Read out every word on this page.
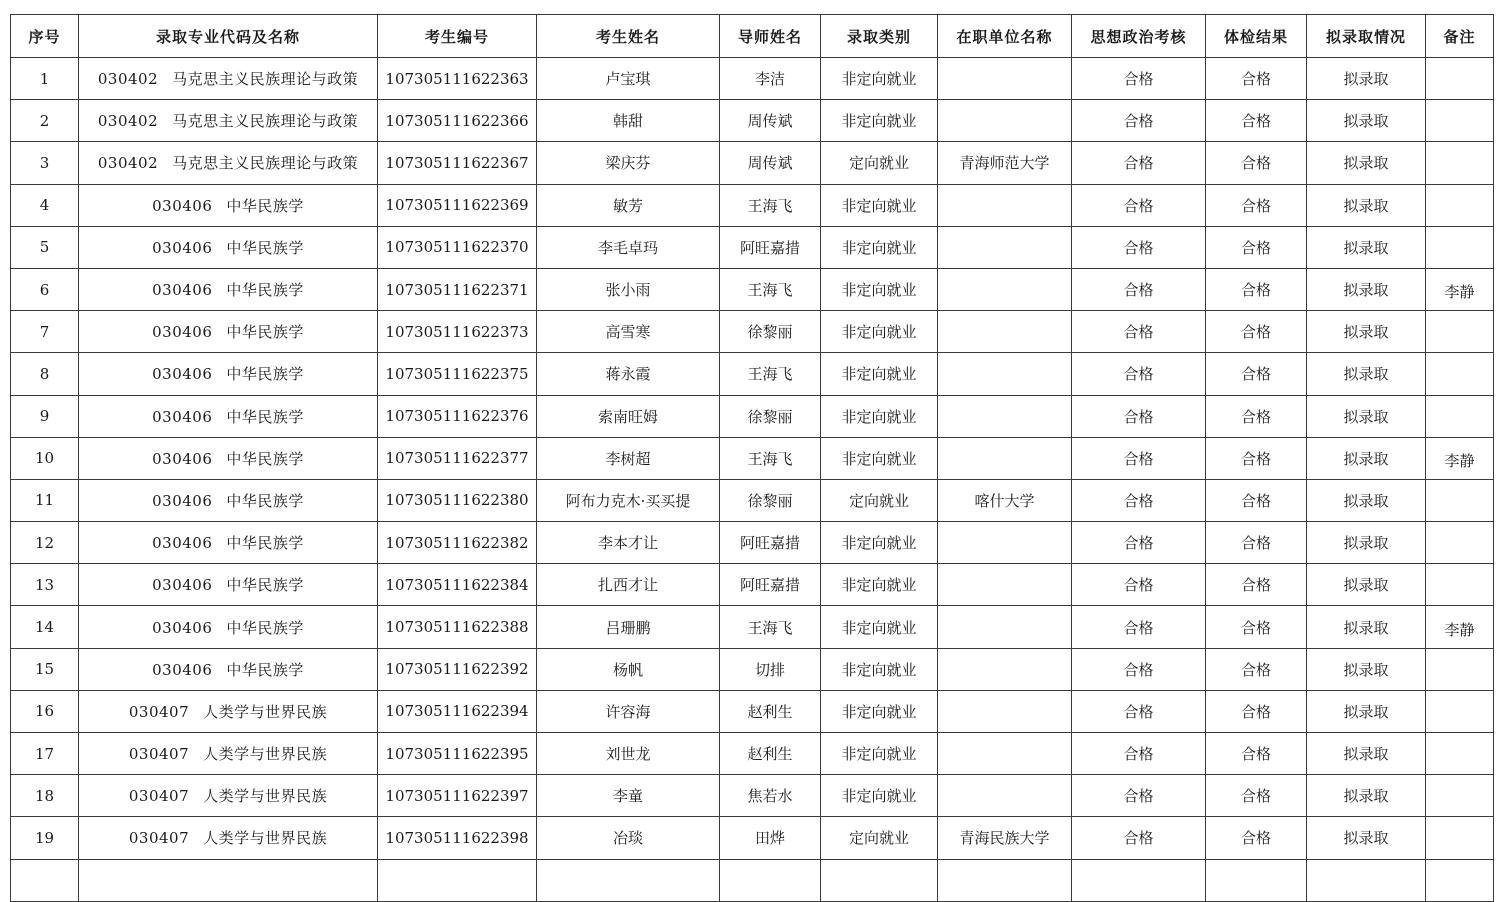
序号	录取专业代码及名称	考生编号	考生姓名	导师姓名	录取类别	在职单位名称	思想政治考核	体检结果	拟录取情况	备注
1	030402 马克思主义民族理论与政策	107305111622363	卢宝琪	李洁	非定向就业		合格	合格	拟录取	
2	030402 马克思主义民族理论与政策	107305111622366	韩甜	周传斌	非定向就业		合格	合格	拟录取	
3	030402 马克思主义民族理论与政策	107305111622367	梁庆芬	周传斌	定向就业	青海师范大学	合格	合格	拟录取	
4	030406 中华民族学	107305111622369	敏芳	王海飞	非定向就业		合格	合格	拟录取	
5	030406 中华民族学	107305111622370	李毛卓玛	阿旺嘉措	非定向就业		合格	合格	拟录取	
6	030406 中华民族学	107305111622371	张小雨	王海飞	非定向就业		合格	合格	拟录取	李静
7	030406 中华民族学	107305111622373	高雪寒	徐黎丽	非定向就业		合格	合格	拟录取	
8	030406 中华民族学	107305111622375	蒋永霞	王海飞	非定向就业		合格	合格	拟录取	
9	030406 中华民族学	107305111622376	索南旺姆	徐黎丽	非定向就业		合格	合格	拟录取	
10	030406 中华民族学	107305111622377	李树超	王海飞	非定向就业		合格	合格	拟录取	李静
11	030406 中华民族学	107305111622380	阿布力克木·买买提	徐黎丽	定向就业	喀什大学	合格	合格	拟录取	
12	030406 中华民族学	107305111622382	李本才让	阿旺嘉措	非定向就业		合格	合格	拟录取	
13	030406 中华民族学	107305111622384	扎西才让	阿旺嘉措	非定向就业		合格	合格	拟录取	
14	030406 中华民族学	107305111622388	吕珊鹏	王海飞	非定向就业		合格	合格	拟录取	李静
15	030406 中华民族学	107305111622392	杨帆	切排	非定向就业		合格	合格	拟录取	
16	030407 人类学与世界民族	107305111622394	许容海	赵利生	非定向就业		合格	合格	拟录取	
17	030407 人类学与世界民族	107305111622395	刘世龙	赵利生	非定向就业		合格	合格	拟录取	
18	030407 人类学与世界民族	107305111622397	李童	焦若水	非定向就业		合格	合格	拟录取	
19	030407 人类学与世界民族	107305111622398	冶琰	田烨	定向就业	青海民族大学	合格	合格	拟录取	
